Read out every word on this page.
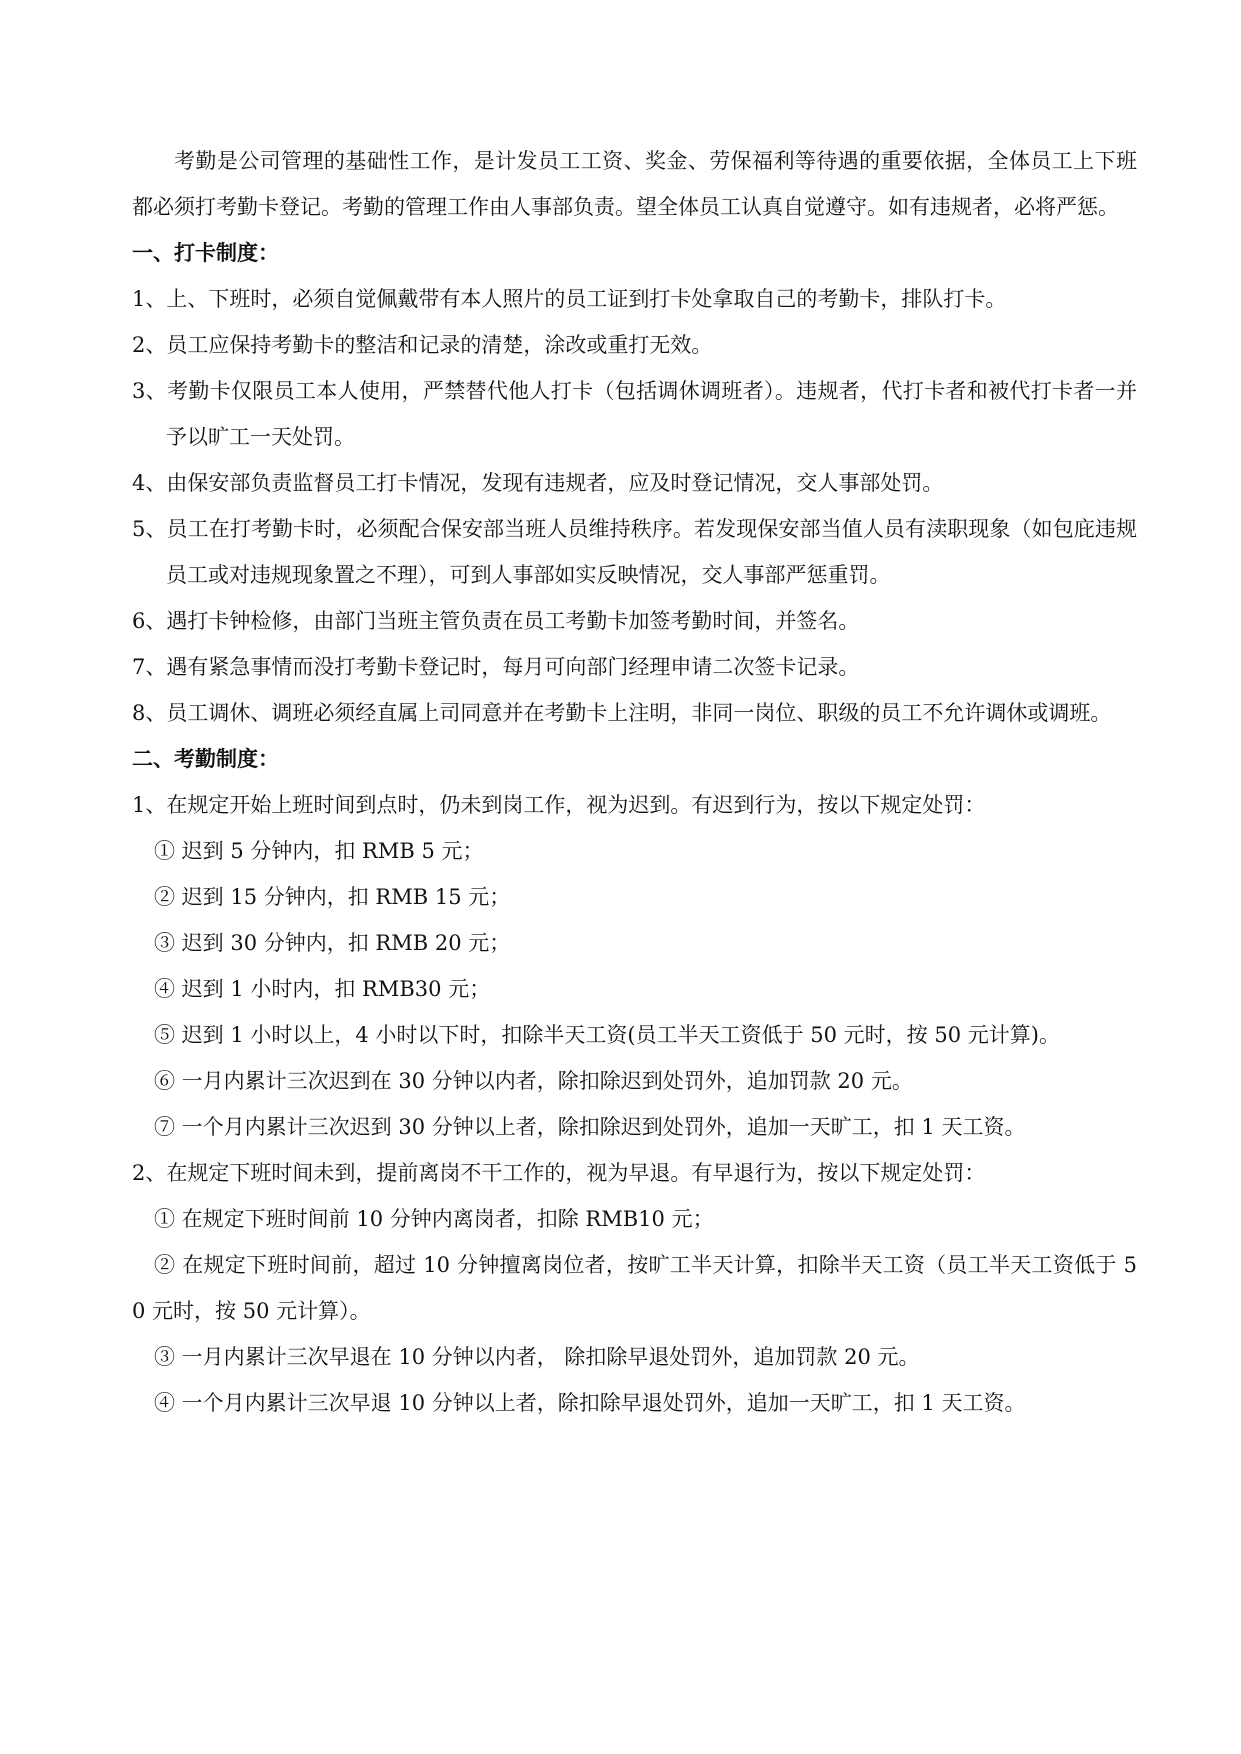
考勤是公司管理的基础性工作，是计发员工工资、奖金、劳保福利等待遇的重要依据，全体员工上下班都必须打考勤卡登记。考勤的管理工作由人事部负责。望全体员工认真自觉遵守。如有违规者，必将严惩。

一、打卡制度：

1、上、下班时，必须自觉佩戴带有本人照片的员工证到打卡处拿取自己的考勤卡，排队打卡。

2、员工应保持考勤卡的整洁和记录的清楚，涂改或重打无效。

3、考勤卡仅限员工本人使用，严禁替代他人打卡（包括调休调班者）。违规者，代打卡者和被代打卡者一并予以旷工一天处罚。

4、由保安部负责监督员工打卡情况，发现有违规者，应及时登记情况，交人事部处罚。

5、员工在打考勤卡时，必须配合保安部当班人员维持秩序。若发现保安部当值人员有渎职现象（如包庇违规员工或对违规现象置之不理），可到人事部如实反映情况，交人事部严惩重罚。

6、遇打卡钟检修，由部门当班主管负责在员工考勤卡加签考勤时间，并签名。

7、遇有紧急事情而没打考勤卡登记时，每月可向部门经理申请二次签卡记录。

8、员工调休、调班必须经直属上司同意并在考勤卡上注明，非同一岗位、职级的员工不允许调休或调班。

二、考勤制度：

1、在规定开始上班时间到点时，仍未到岗工作，视为迟到。有迟到行为，按以下规定处罚：

① 迟到 5 分钟内，扣 RMB 5 元；

② 迟到 15 分钟内，扣 RMB 15 元；

③ 迟到 30 分钟内，扣 RMB 20 元；

④ 迟到 1 小时内，扣 RMB30 元；

⑤ 迟到 1 小时以上，4 小时以下时，扣除半天工资(员工半天工资低于 50 元时，按 50 元计算)。

⑥ 一月内累计三次迟到在 30 分钟以内者，除扣除迟到处罚外，追加罚款 20 元。

⑦ 一个月内累计三次迟到 30 分钟以上者，除扣除迟到处罚外，追加一天旷工，扣 1 天工资。

2、在规定下班时间未到，提前离岗不干工作的，视为早退。有早退行为，按以下规定处罚：

① 在规定下班时间前 10 分钟内离岗者，扣除 RMB10 元；

② 在规定下班时间前，超过 10 分钟擅离岗位者，按旷工半天计算，扣除半天工资（员工半天工资低于 50 元时，按 50 元计算）。

③ 一月内累计三次早退在 10 分钟以内者， 除扣除早退处罚外，追加罚款 20 元。

④ 一个月内累计三次早退 10 分钟以上者，除扣除早退处罚外，追加一天旷工，扣 1 天工资。
